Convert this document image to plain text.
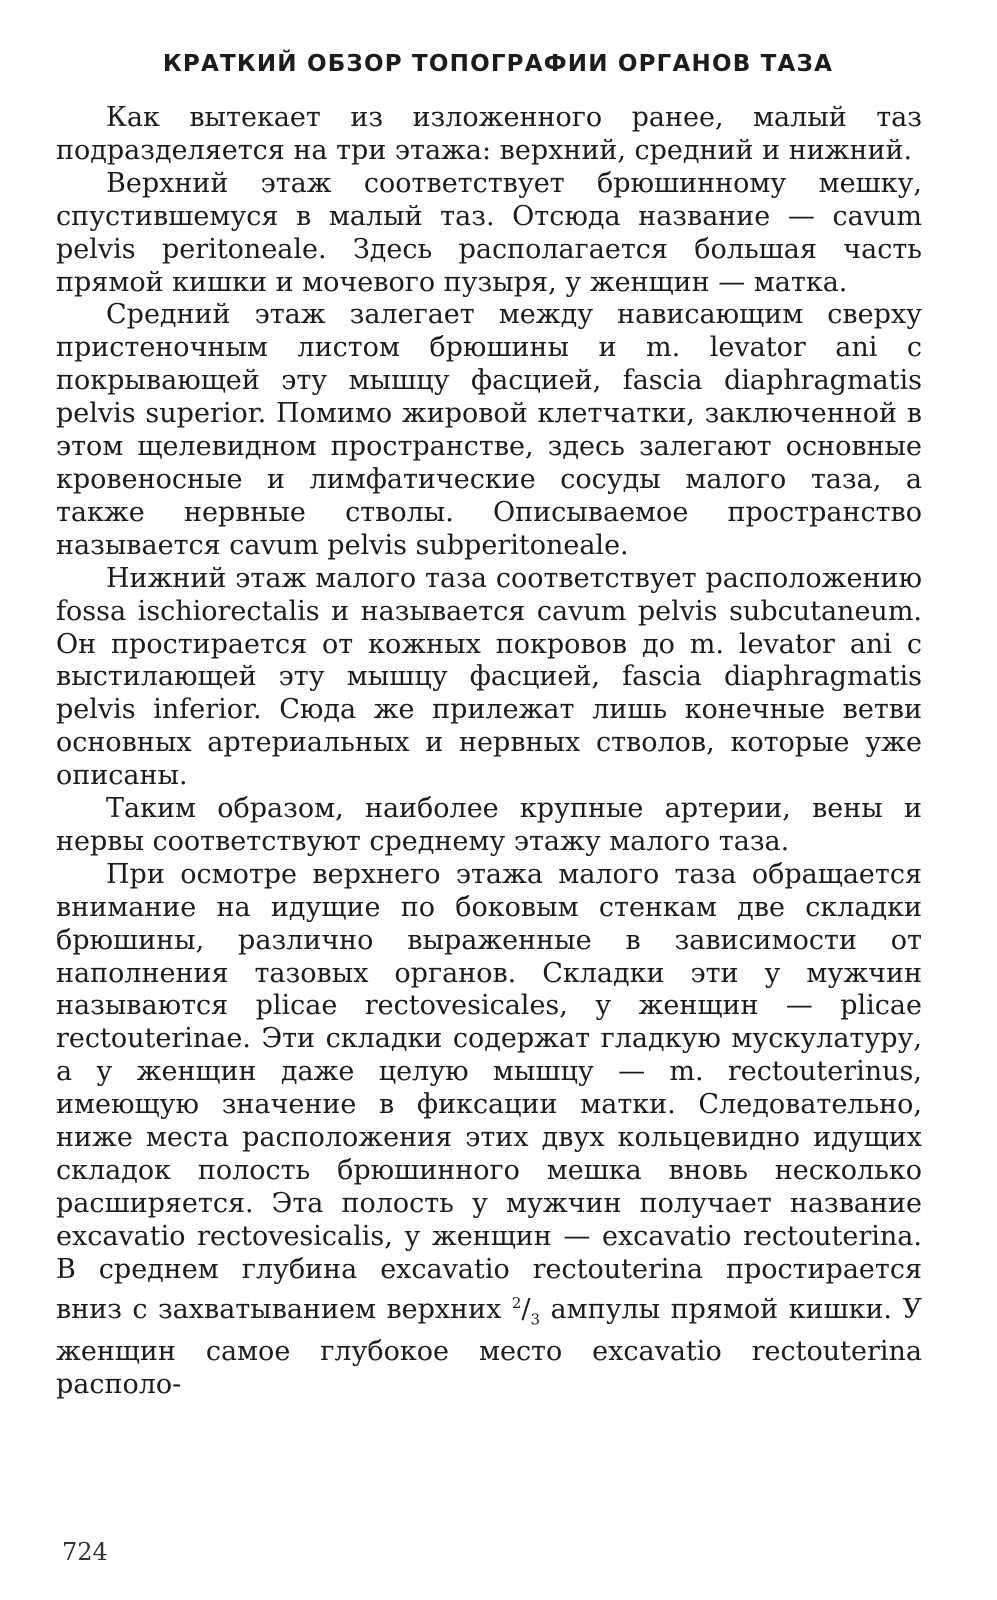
КРАТКИЙ ОБЗОР ТОПОГРАФИИ ОРГАНОВ ТАЗА

Как вытекает из изложенного ранее, малый таз подразделяется на три этажа: верхний, средний и нижний.

Верхний этаж соответствует брюшинному мешку, спустившемуся в малый таз. Отсюда название — cavum pelvis peritoneale. Здесь располагается большая часть прямой кишки и мочевого пузыря, у женщин — матка.

Средний этаж залегает между нависающим сверху пристеночным листом брюшины и m. levator ani с покрывающей эту мышцу фасцией, fascia diaphragmatis pelvis superior. Помимо жировой клетчатки, заключенной в этом щелевидном пространстве, здесь залегают основные кровеносные и лимфатические сосуды малого таза, а также нервные стволы. Описываемое пространство называется cavum pelvis subperitoneale.

Нижний этаж малого таза соответствует расположению fossa ischiorectalis и называется cavum pelvis subcutaneum. Он простирается от кожных покровов до m. levator ani с выстилающей эту мышцу фасцией, fascia diaphragmatis pelvis inferior. Сюда же прилежат лишь конечные ветви основных артериальных и нервных стволов, которые уже описаны.

Таким образом, наиболее крупные артерии, вены и нервы соответствуют среднему этажу малого таза.

При осмотре верхнего этажа малого таза обращается внимание на идущие по боковым стенкам две складки брюшины, различно выраженные в зависимости от наполнения тазовых органов. Складки эти у мужчин называются plicae rectovesicales, у женщин — plicae rectouterinae. Эти складки содержат гладкую мускулатуру, а у женщин даже целую мышцу — m. rectouterinus, имеющую значение в фиксации матки. Следовательно, ниже места расположения этих двух кольцевидно идущих складок полость брюшинного мешка вновь несколько расширяется. Эта полость у мужчин получает название excavatio rectovesicalis, у женщин — excavatio rectouterina. В среднем глубина excavatio rectouterina простирается вниз с захватыванием верхних $^2/_3$ ампулы прямой кишки. У женщин самое глубокое место excavatio rectouterina располо-

724
